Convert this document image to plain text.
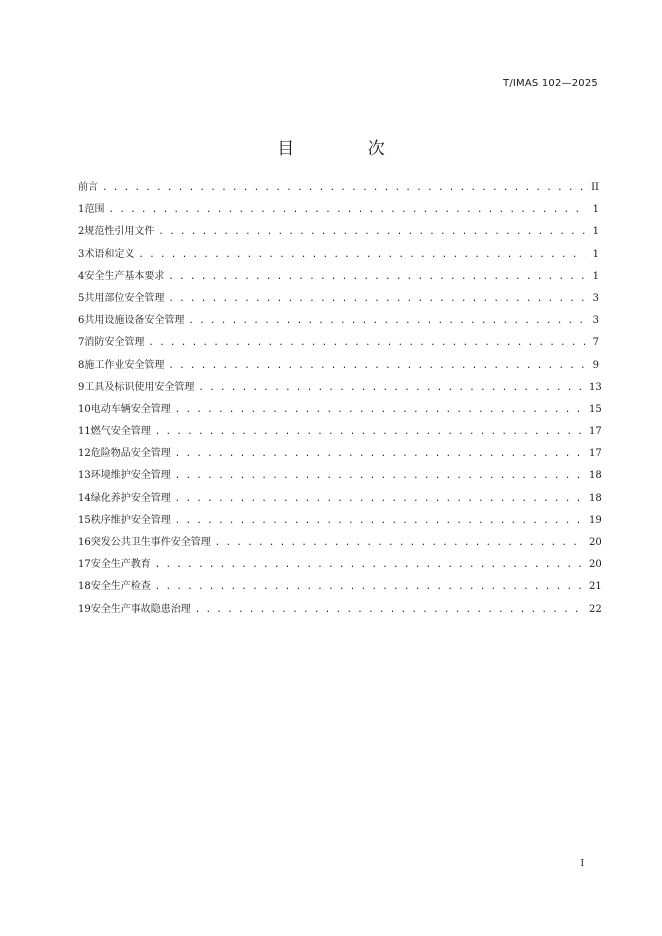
T/IMAS 102—2025
目 次
前言 . . .	II
1 范围 . . .	1
2 规范性引用文件 . . .	1
3 术语和定义 . . .	1
4 安全生产基本要求 . . .	1
5 共用部位安全管理 . . .	3
6 共用设施设备安全管理 . . .	3
7 消防安全管理 . . .	7
8 施工作业安全管理 . . .	9
9 工具及标识使用安全管理 . . .	13
10 电动车辆安全管理 . . .	15
11 燃气安全管理 . . .	17
12 危险物品安全管理 . . .	17
13 环境维护安全管理 . . .	18
14 绿化养护安全管理 . . .	18
15 秩序维护安全管理 . . .	19
16 突发公共卫生事件安全管理 . . .	20
17 安全生产教育 . . .	20
18 安全生产检查 . . .	21
19 安全生产事故隐患治理 . . .	22
I
